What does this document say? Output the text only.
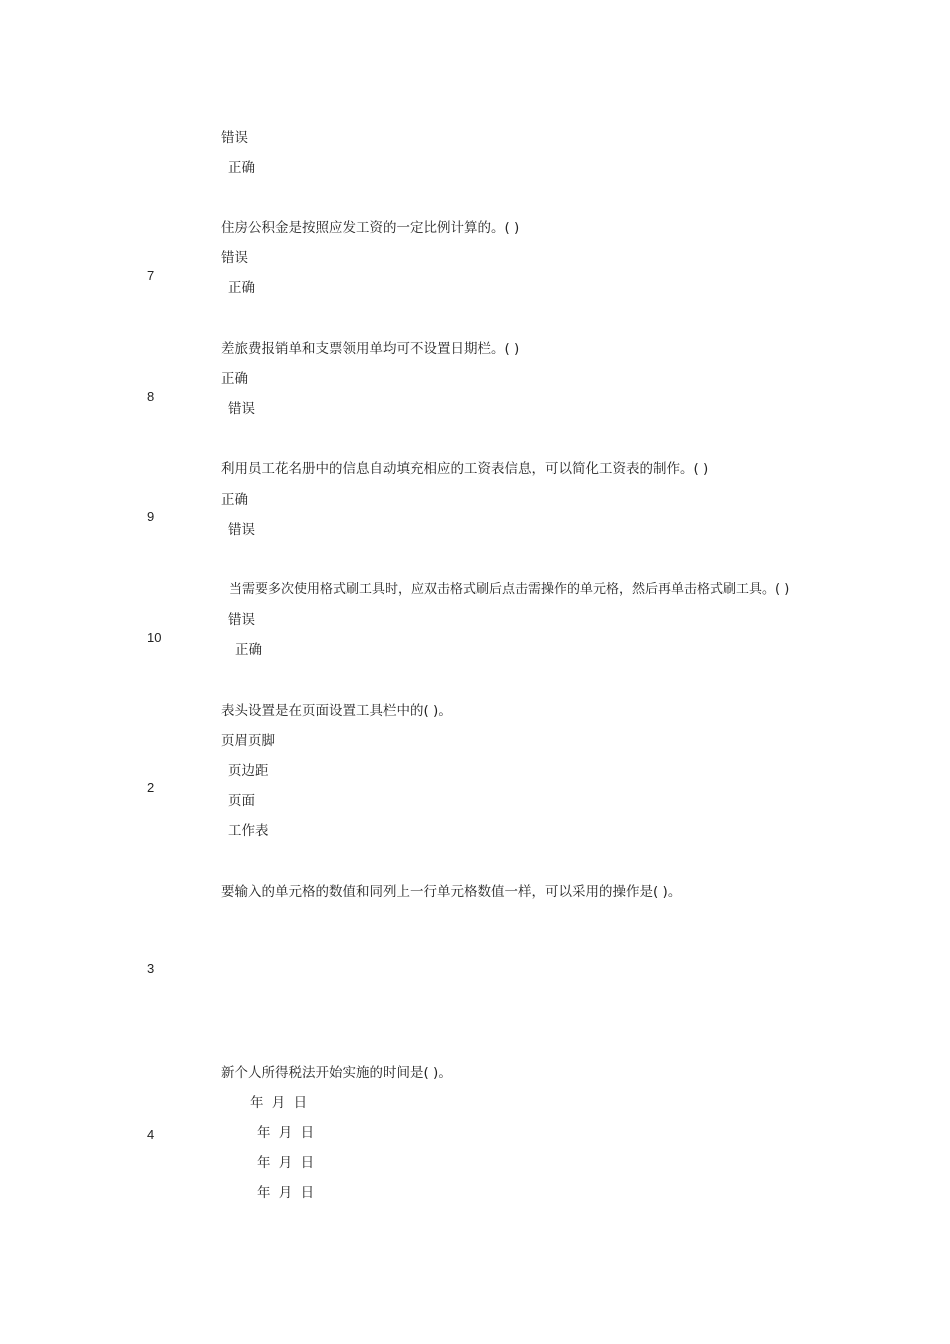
错误
正确
7
住房公积金是按照应发工资的一定比例计算的。( )
错误
正确
8
差旅费报销单和支票领用单均可不设置日期栏。( )
正确
错误
9
利用员工花名册中的信息自动填充相应的工资表信息，可以简化工资表的制作。( )
正确
错误
10
当需要多次使用格式刷工具时，应双击格式刷后点击需操作的单元格，然后再单击格式刷工具。( )
错误
正确
2
表头设置是在页面设置工具栏中的( )。
页眉页脚
页边距
页面
工作表
3
要输入的单元格的数值和同列上一行单元格数值一样，可以采用的操作是( )。
4
新个人所得税法开始实施的时间是( )。
年 月 日
年 月 日
年 月 日
年 月 日
